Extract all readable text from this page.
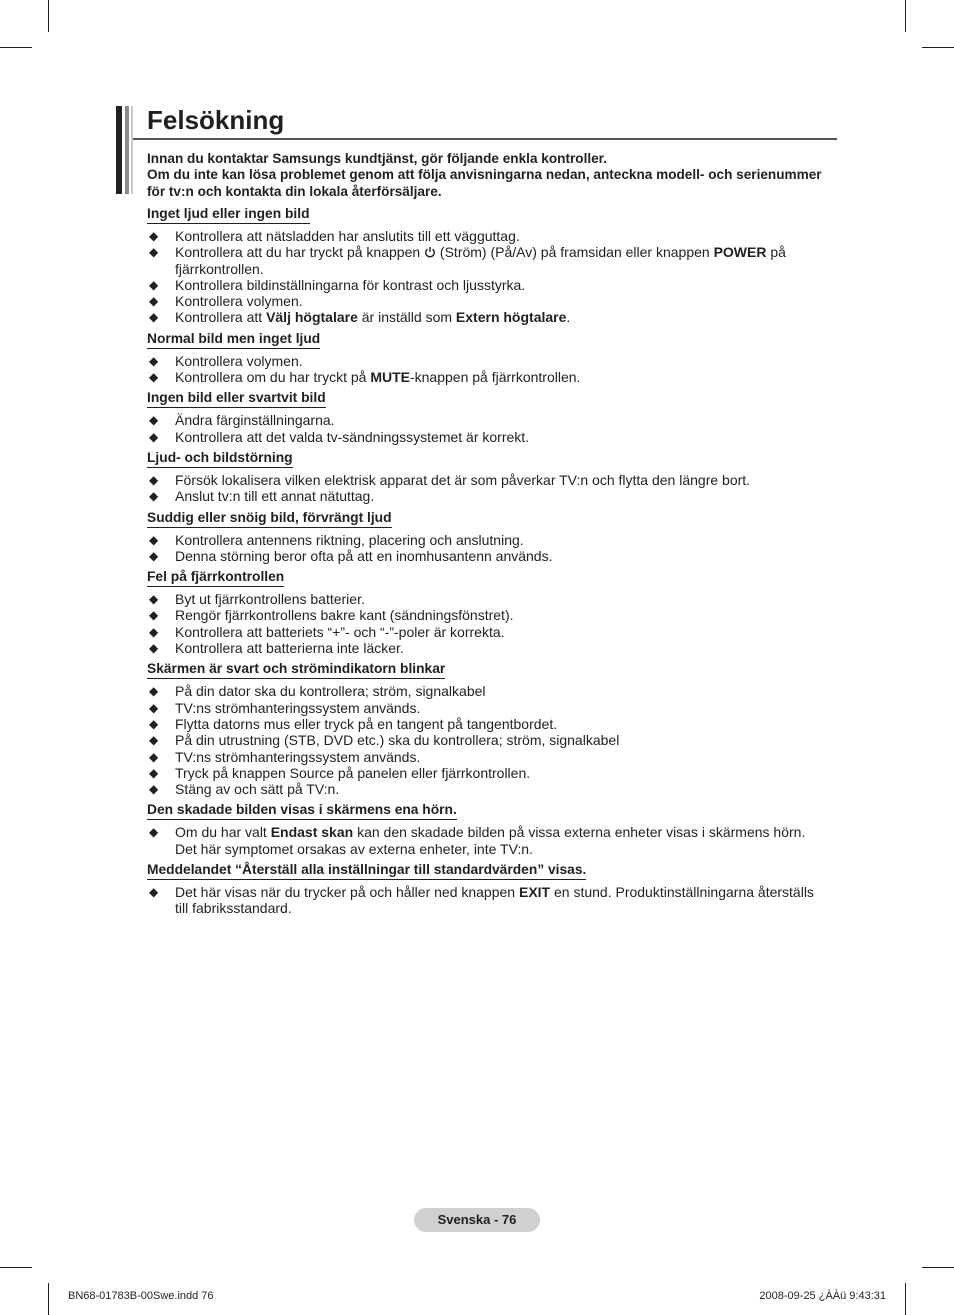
Felsökning

Innan du kontaktar Samsungs kundtjänst, gör följande enkla kontroller.

Om du inte kan lösa problemet genom att följa anvisningarna nedan, anteckna modell- och serienummer för tv:n och kontakta din lokala återförsäljare.

Inget ljud eller ingen bild
◆ Kontrollera att nätsladden har anslutits till ett vägguttag.
◆ Kontrollera att du har tryckt på knappen  (Ström) (På/Av) på framsidan eller knappen POWER på fjärrkontrollen.
◆ Kontrollera bildinställningarna för kontrast och ljusstyrka.
◆ Kontrollera volymen.
◆ Kontrollera att Välj högtalare är inställd som Extern högtalare.
Normal bild men inget ljud
◆ Kontrollera volymen.
◆ Kontrollera om du har tryckt på MUTE-knappen på fjärrkontrollen.
Ingen bild eller svartvit bild
◆ Ändra färginställningarna.
◆ Kontrollera att det valda tv-sändningssystemet är korrekt.
Ljud- och bildstörning
◆ Försök lokalisera vilken elektrisk apparat det är som påverkar TV:n och flytta den längre bort.
◆ Anslut tv:n till ett annat nätuttag.
Suddig eller snöig bild, förvrängt ljud
◆ Kontrollera antennens riktning, placering och anslutning.
◆ Denna störning beror ofta på att en inomhusantenn används.
Fel på fjärrkontrollen
◆ Byt ut fjärrkontrollens batterier.
◆ Rengör fjärrkontrollens bakre kant (sändningsfönstret).
◆ Kontrollera att batteriets “+”- och “-”-poler är korrekta.
◆ Kontrollera att batterierna inte läcker.
Skärmen är svart och strömindikatorn blinkar
◆ På din dator ska du kontrollera; ström, signalkabel
◆ TV:ns strömhanteringssystem används.
◆ Flytta datorns mus eller tryck på en tangent på tangentbordet.
◆ På din utrustning (STB, DVD etc.) ska du kontrollera; ström, signalkabel
◆ TV:ns strömhanteringssystem används.
◆ Tryck på knappen Source på panelen eller fjärrkontrollen.
◆ Stäng av och sätt på TV:n.
Den skadade bilden visas i skärmens ena hörn.
◆ Om du har valt Endast skan kan den skadade bilden på vissa externa enheter visas i skärmens hörn. Det här symptomet orsakas av externa enheter, inte TV:n.
Meddelandet “Återställ alla inställningar till standardvärden” visas.
◆ Det här visas när du trycker på och håller ned knappen EXIT en stund. Produktinställningarna återställs till fabriksstandard.
Svenska - 76
BN68-01783B-00Swe.indd 76	2008-09-25 ¿ÀÀü 9:43:31
